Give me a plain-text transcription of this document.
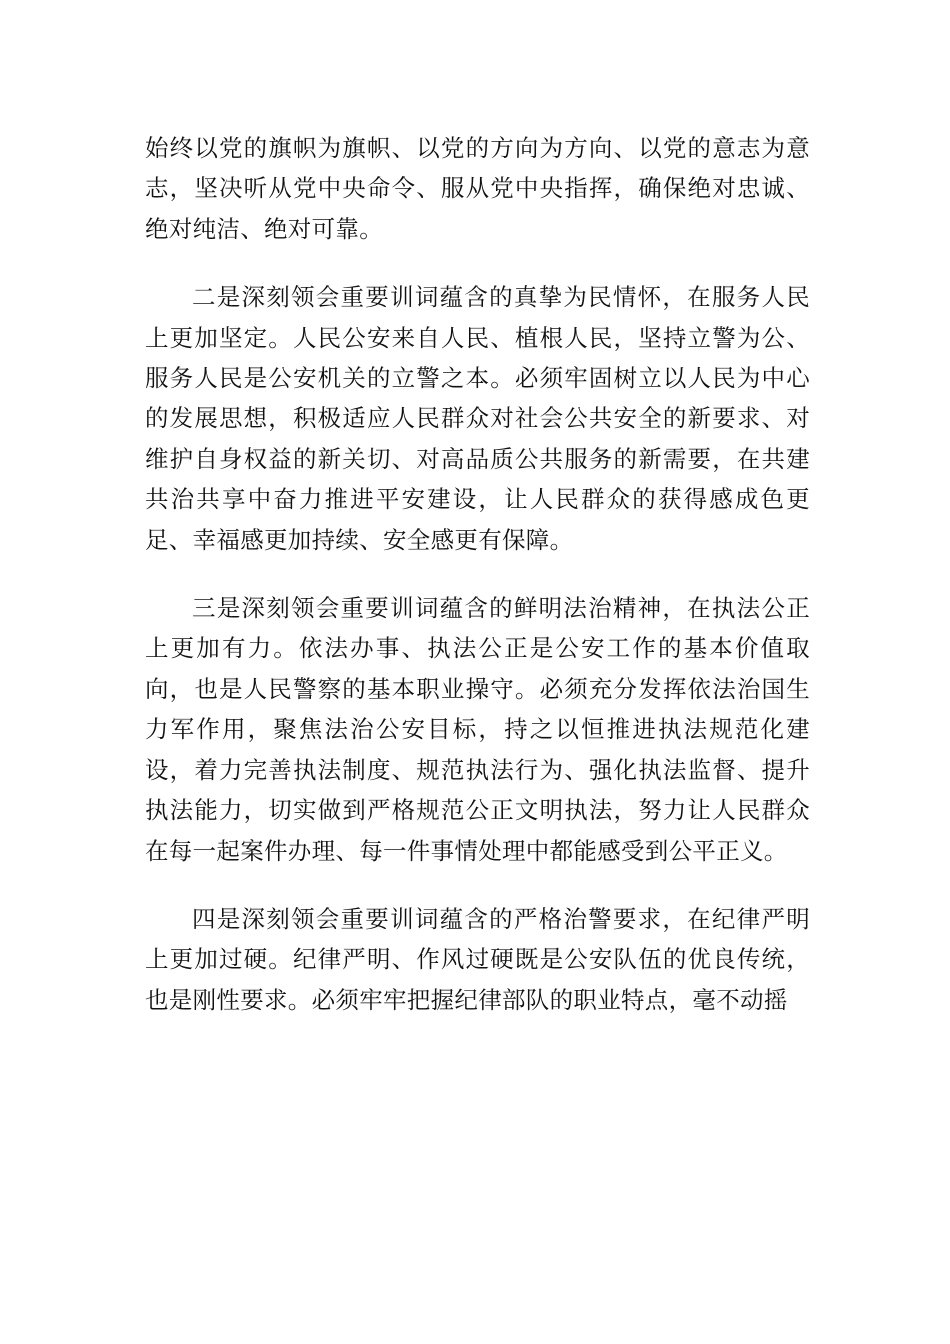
始终以党的旗帜为旗帜、以党的方向为方向、以党的意志为意志，坚决听从党中央命令、服从党中央指挥，确保绝对忠诚、绝对纯洁、绝对可靠。

二是深刻领会重要训词蕴含的真挚为民情怀，在服务人民上更加坚定。人民公安来自人民、植根人民，坚持立警为公、服务人民是公安机关的立警之本。必须牢固树立以人民为中心的发展思想，积极适应人民群众对社会公共安全的新要求、对维护自身权益的新关切、对高品质公共服务的新需要，在共建共治共享中奋力推进平安建设，让人民群众的获得感成色更足、幸福感更加持续、安全感更有保障。

三是深刻领会重要训词蕴含的鲜明法治精神，在执法公正上更加有力。依法办事、执法公正是公安工作的基本价值取向，也是人民警察的基本职业操守。必须充分发挥依法治国生力军作用，聚焦法治公安目标，持之以恒推进执法规范化建设，着力完善执法制度、规范执法行为、强化执法监督、提升执法能力，切实做到严格规范公正文明执法，努力让人民群众在每一起案件办理、每一件事情处理中都能感受到公平正义。

四是深刻领会重要训词蕴含的严格治警要求，在纪律严明上更加过硬。纪律严明、作风过硬既是公安队伍的优良传统，也是刚性要求。必须牢牢把握纪律部队的职业特点，毫不动摇
